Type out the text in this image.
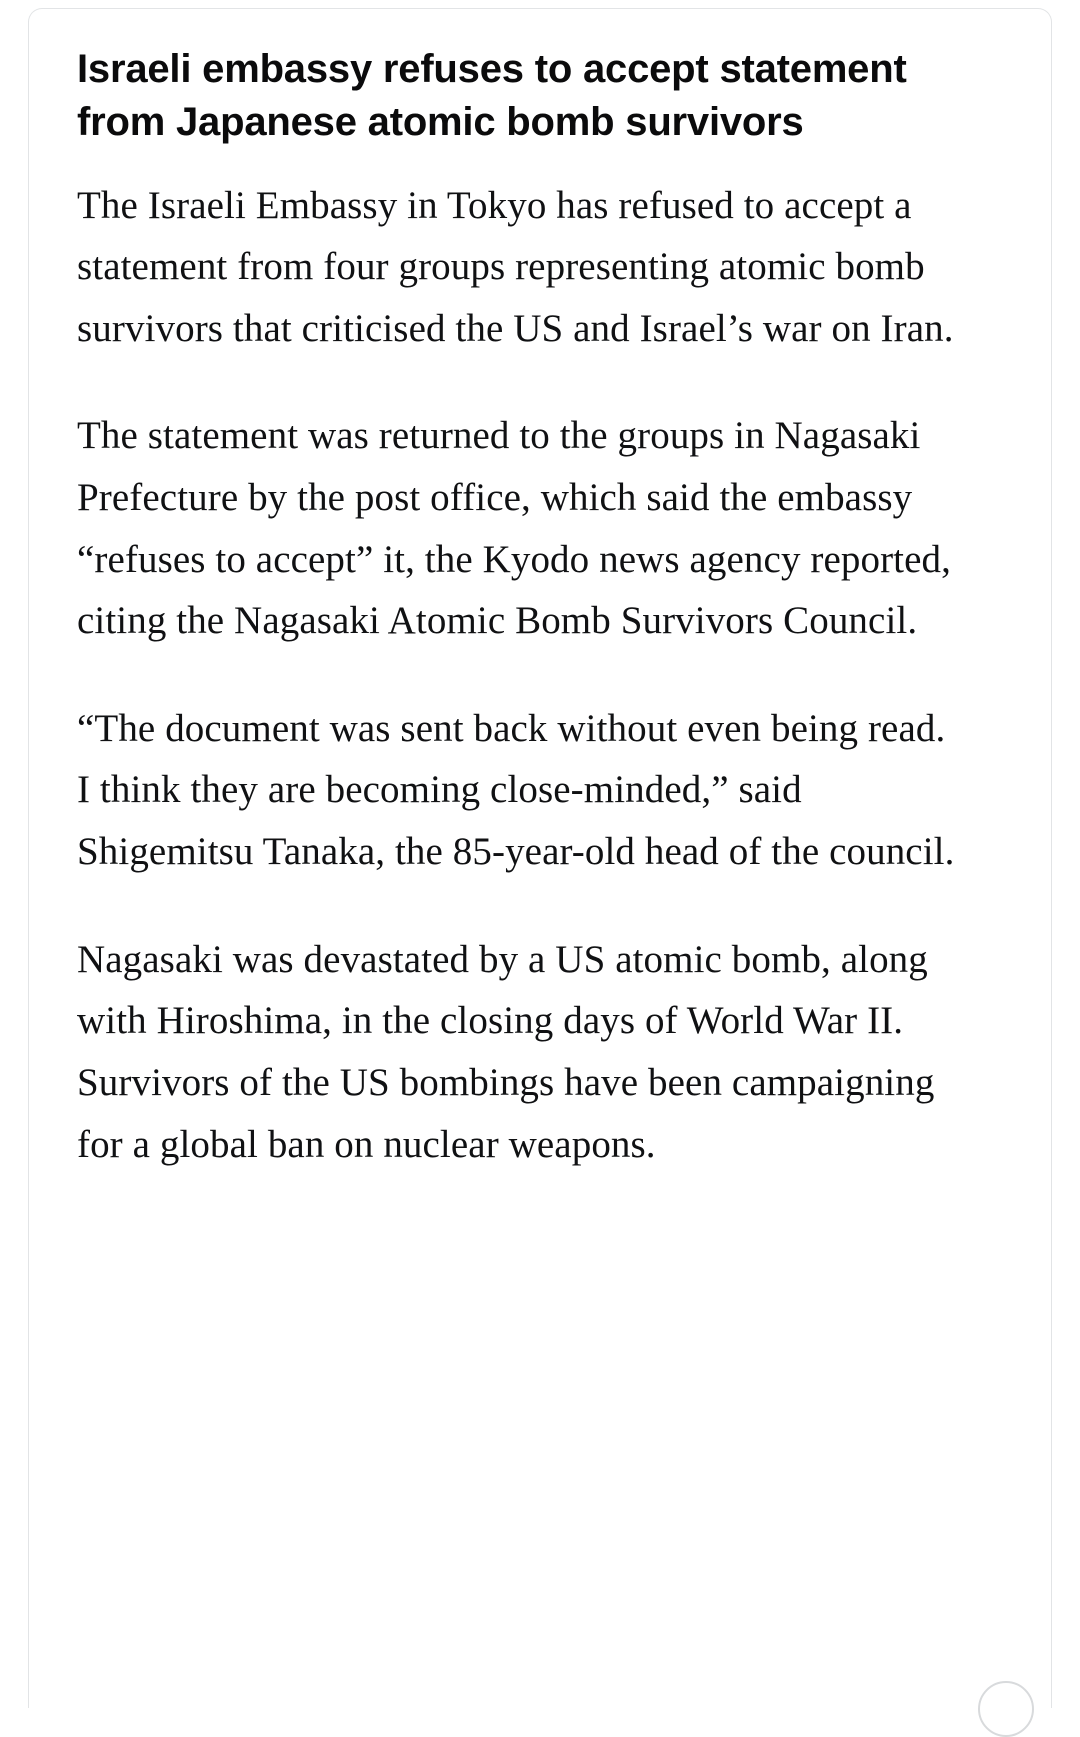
Israeli embassy refuses to accept statement from Japanese atomic bomb survivors

The Israeli Embassy in Tokyo has refused to accept a statement from four groups representing atomic bomb survivors that criticised the US and Israel’s war on Iran.

The statement was returned to the groups in Nagasaki Prefecture by the post office, which said the embassy “refuses to accept” it, the Kyodo news agency reported, citing the Nagasaki Atomic Bomb Survivors Council.

“The document was sent back without even being read. I think they are becoming close-minded,” said Shigemitsu Tanaka, the 85-year-old head of the council.

Nagasaki was devastated by a US atomic bomb, along with Hiroshima, in the closing days of World War II. Survivors of the US bombings have been campaigning for a global ban on nuclear weapons.
